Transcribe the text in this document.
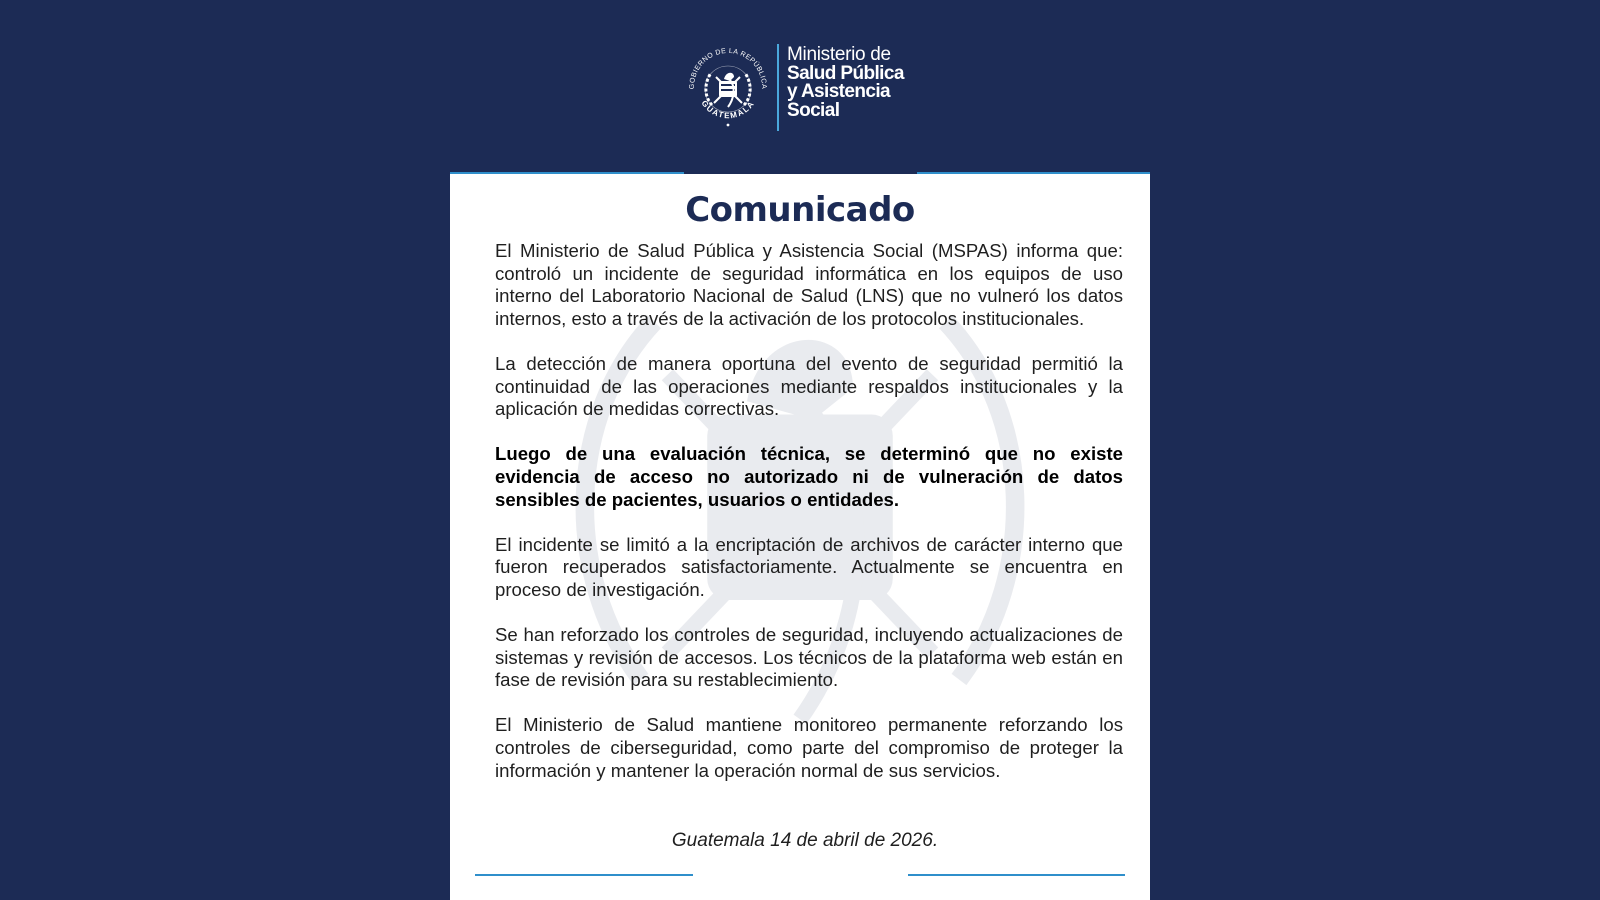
GOBIERNO DE LA REPÚBLICA
GUATEMALA
Ministerio de
Salud Pública
y Asistencia
Social
Comunicado

El Ministerio de Salud Pública y Asistencia Social (MSPAS) informa que: controló un incidente de seguridad informática en los equipos de uso interno del Laboratorio Nacional de Salud (LNS) que no vulneró los datos internos, esto a través de la activación de los protocolos institucionales.

La detección de manera oportuna del evento de seguridad permitió la continuidad de las operaciones mediante respaldos institucionales y la aplicación de medidas correctivas.

Luego de una evaluación técnica, se determinó que no existe evidencia de acceso no autorizado ni de vulneración de datos sensibles de pacientes, usuarios o entidades.

El incidente se limitó a la encriptación de archivos de carácter interno que fueron recuperados satisfactoriamente. Actualmente se encuentra en proceso de investigación.

Se han reforzado los controles de seguridad, incluyendo actualizaciones de sistemas y revisión de accesos. Los técnicos de la plataforma web están en fase de revisión para su restablecimiento.

El Ministerio de Salud mantiene monitoreo permanente reforzando los controles de ciberseguridad, como parte del compromiso de proteger la información y mantener la operación normal de sus servicios.

Guatemala 14 de abril de 2026.
